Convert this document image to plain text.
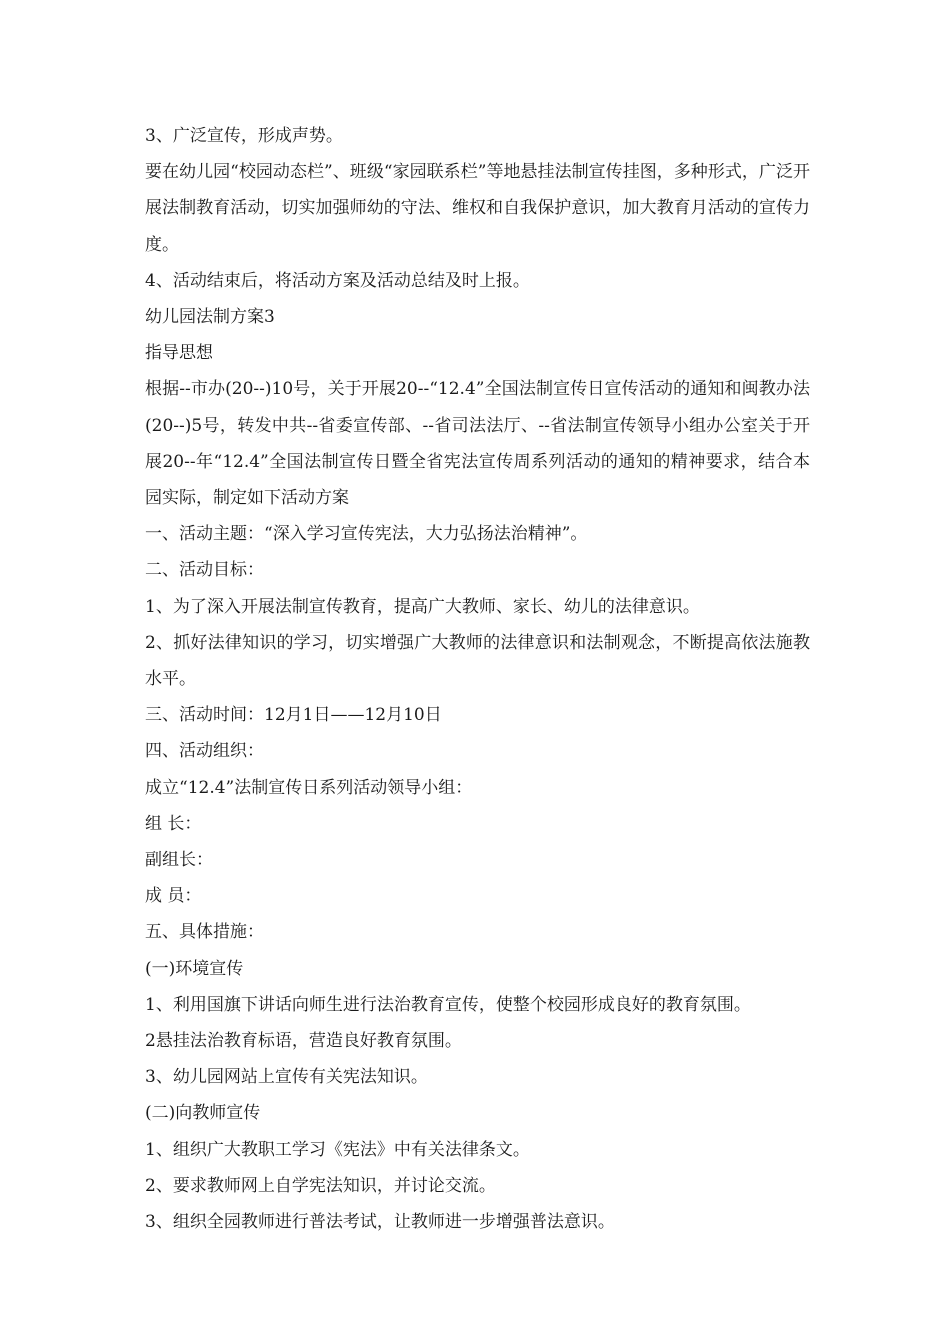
3、广泛宣传，形成声势。

要在幼儿园“校园动态栏”、班级“家园联系栏”等地悬挂法制宣传挂图，多种形式，广泛开展法制教育活动，切实加强师幼的守法、维权和自我保护意识，加大教育月活动的宣传力度。

4、活动结束后，将活动方案及活动总结及时上报。

幼儿园法制方案3

指导思想

根据--市办(20--)10号，关于开展20--“12.4”全国法制宣传日宣传活动的通知和闽教办法(20--)5号，转发中共--省委宣传部、--省司法法厅、--省法制宣传领导小组办公室关于开展20--年“12.4”全国法制宣传日暨全省宪法宣传周系列活动的通知的精神要求，结合本园实际，制定如下活动方案

一、活动主题：“深入学习宣传宪法，大力弘扬法治精神”。

二、活动目标：

1、为了深入开展法制宣传教育，提高广大教师、家长、幼儿的法律意识。

2、抓好法律知识的学习，切实增强广大教师的法律意识和法制观念，不断提高依法施教水平。

三、活动时间：12月1日——12月10日

四、活动组织：

成立“12.4”法制宣传日系列活动领导小组：

组 长：

副组长：

成 员：

五、具体措施：

(一)环境宣传

1、利用国旗下讲话向师生进行法治教育宣传，使整个校园形成良好的教育氛围。

2悬挂法治教育标语，营造良好教育氛围。

3、幼儿园网站上宣传有关宪法知识。

(二)向教师宣传

1、组织广大教职工学习《宪法》中有关法律条文。

2、要求教师网上自学宪法知识，并讨论交流。

3、组织全园教师进行普法考试，让教师进一步增强普法意识。
